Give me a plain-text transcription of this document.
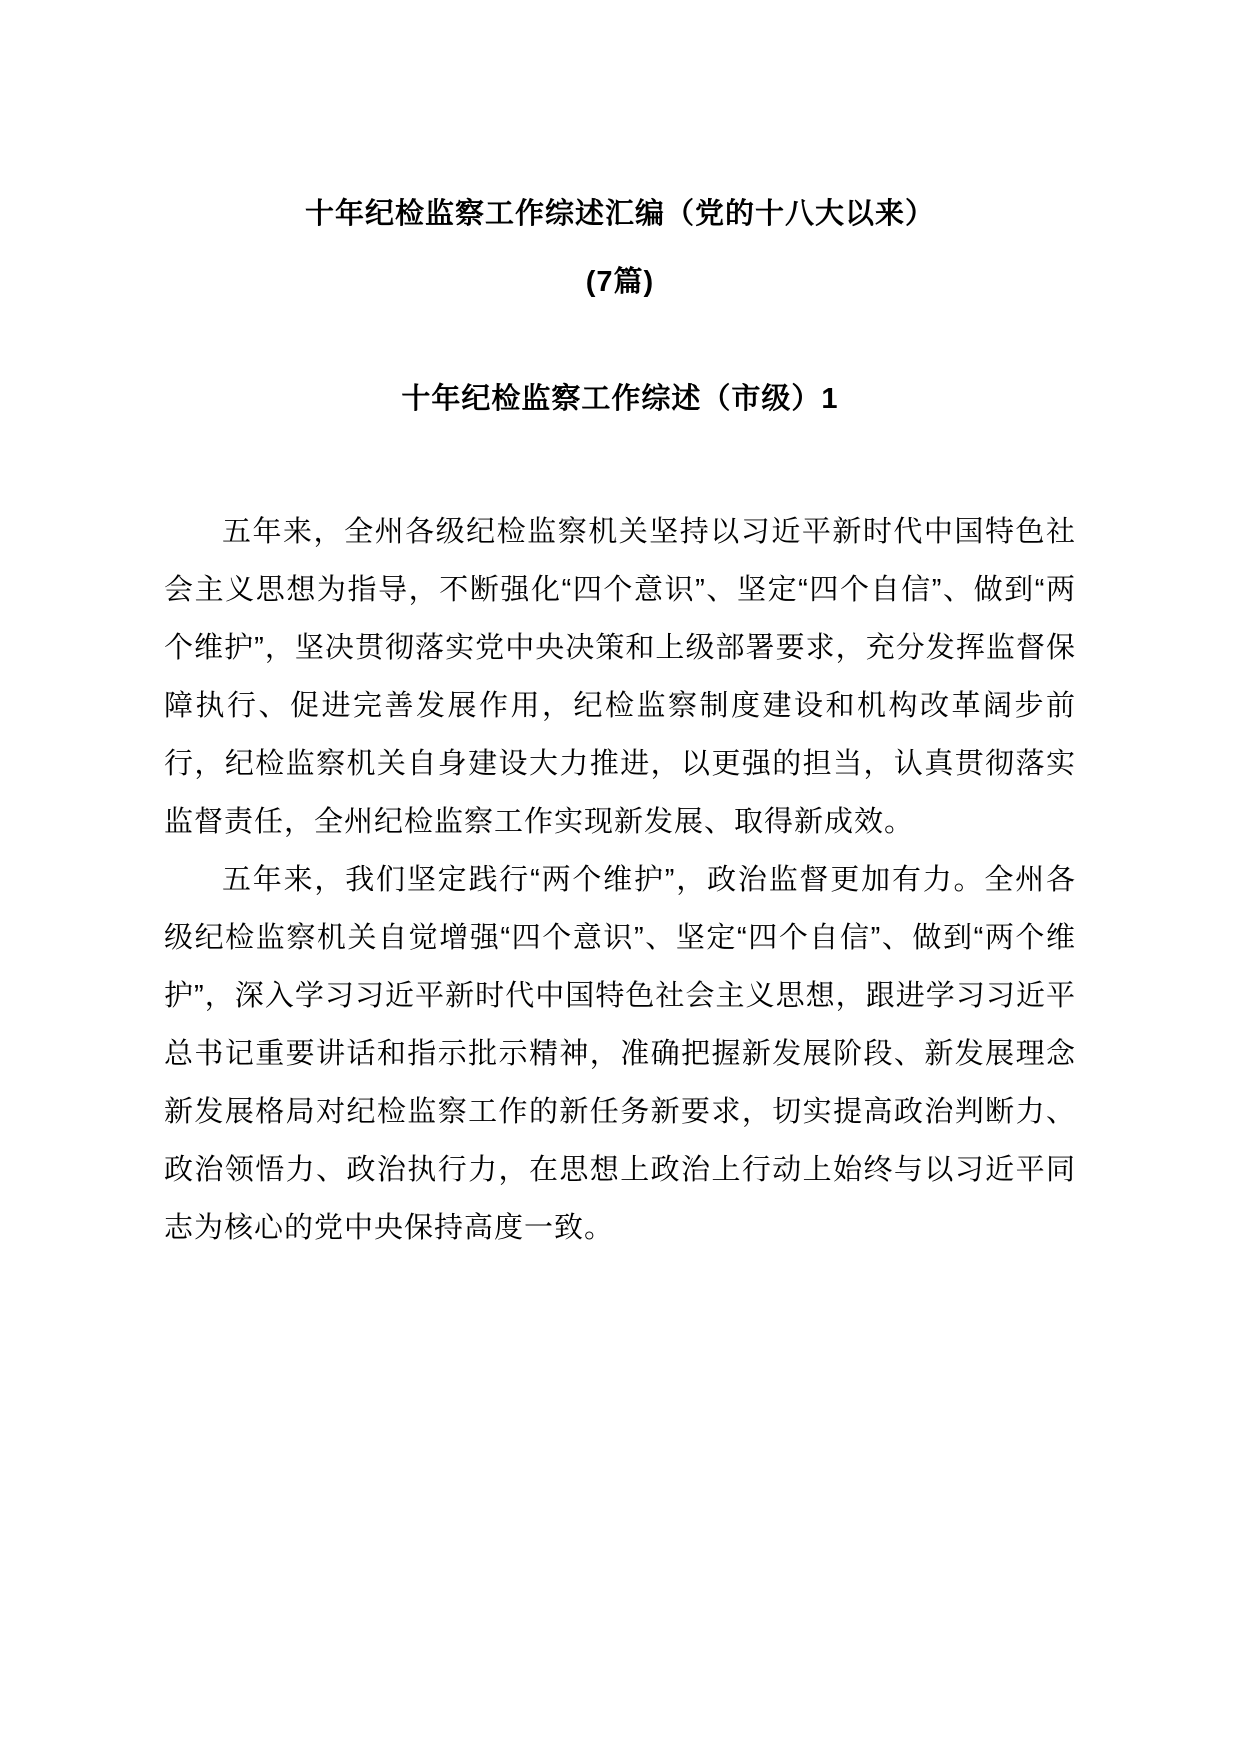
十年纪检监察工作综述汇编（党的十八大以来）
(7篇)
十年纪检监察工作综述（市级）1

五年来，全州各级纪检监察机关坚持以习近平新时代中国特色社会主义思想为指导，不断强化“四个意识”、坚定“四个自信”、做到“两个维护”，坚决贯彻落实党中央决策和上级部署要求，充分发挥监督保障执行、促进完善发展作用，纪检监察制度建设和机构改革阔步前行，纪检监察机关自身建设大力推进，以更强的担当，认真贯彻落实监督责任，全州纪检监察工作实现新发展、取得新成效。

五年来，我们坚定践行“两个维护”，政治监督更加有力。全州各级纪检监察机关自觉增强“四个意识”、坚定“四个自信”、做到“两个维护”，深入学习习近平新时代中国特色社会主义思想，跟进学习习近平总书记重要讲话和指示批示精神，准确把握新发展阶段、新发展理念新发展格局对纪检监察工作的新任务新要求，切实提高政治判断力、政治领悟力、政治执行力，在思想上政治上行动上始终与以习近平同志为核心的党中央保持高度一致。
